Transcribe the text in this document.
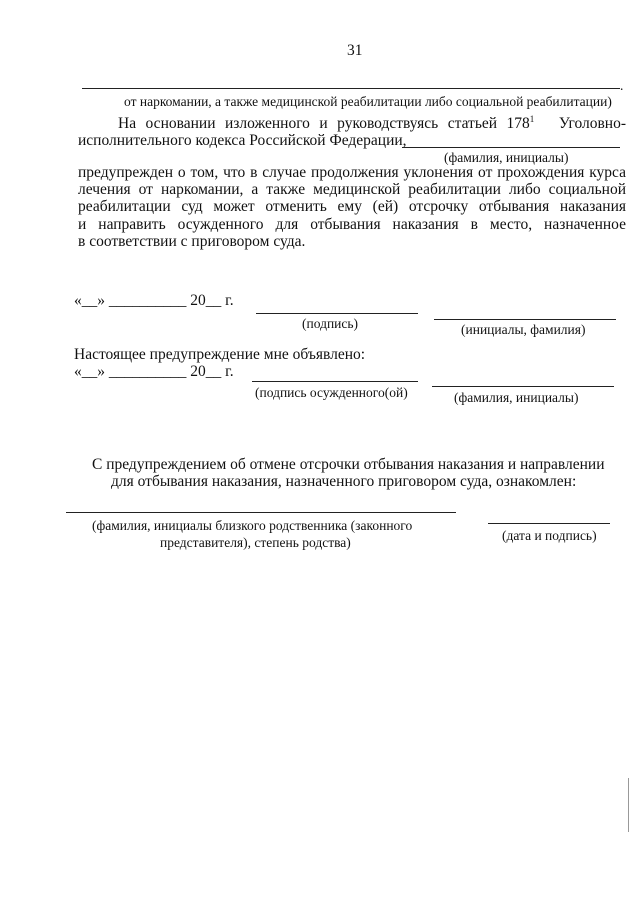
31
.
от наркомании, а также медицинской реабилитации либо социальной реабилитации)
На основании изложенного и руководствуясь статьей $178^1$ Уголовно-
исполнительного кодекса Российской Федерации,
(фамилия, инициалы)
предупрежден о том, что в случае продолжения уклонения от прохождения курса
лечения от наркомании, а также медицинской реабилитации либо социальной
реабилитации суд может отменить ему (ей) отсрочку отбывания наказания
и направить осужденного для отбывания наказания в место, назначенное
в соответствии с приговором суда.
«__» __________ 20__ г.
(подпись)	(инициалы, фамилия)
Настоящее предупреждение мне объявлено:
«__» __________ 20__ г.
(подпись осужденного(ой)	(фамилия, инициалы)
С предупреждением об отмене отсрочки отбывания наказания и направлении
для отбывания наказания, назначенного приговором суда, ознакомлен:
(фамилия, инициалы близкого родственника (законного
представителя), степень родства)	(дата и подпись)
